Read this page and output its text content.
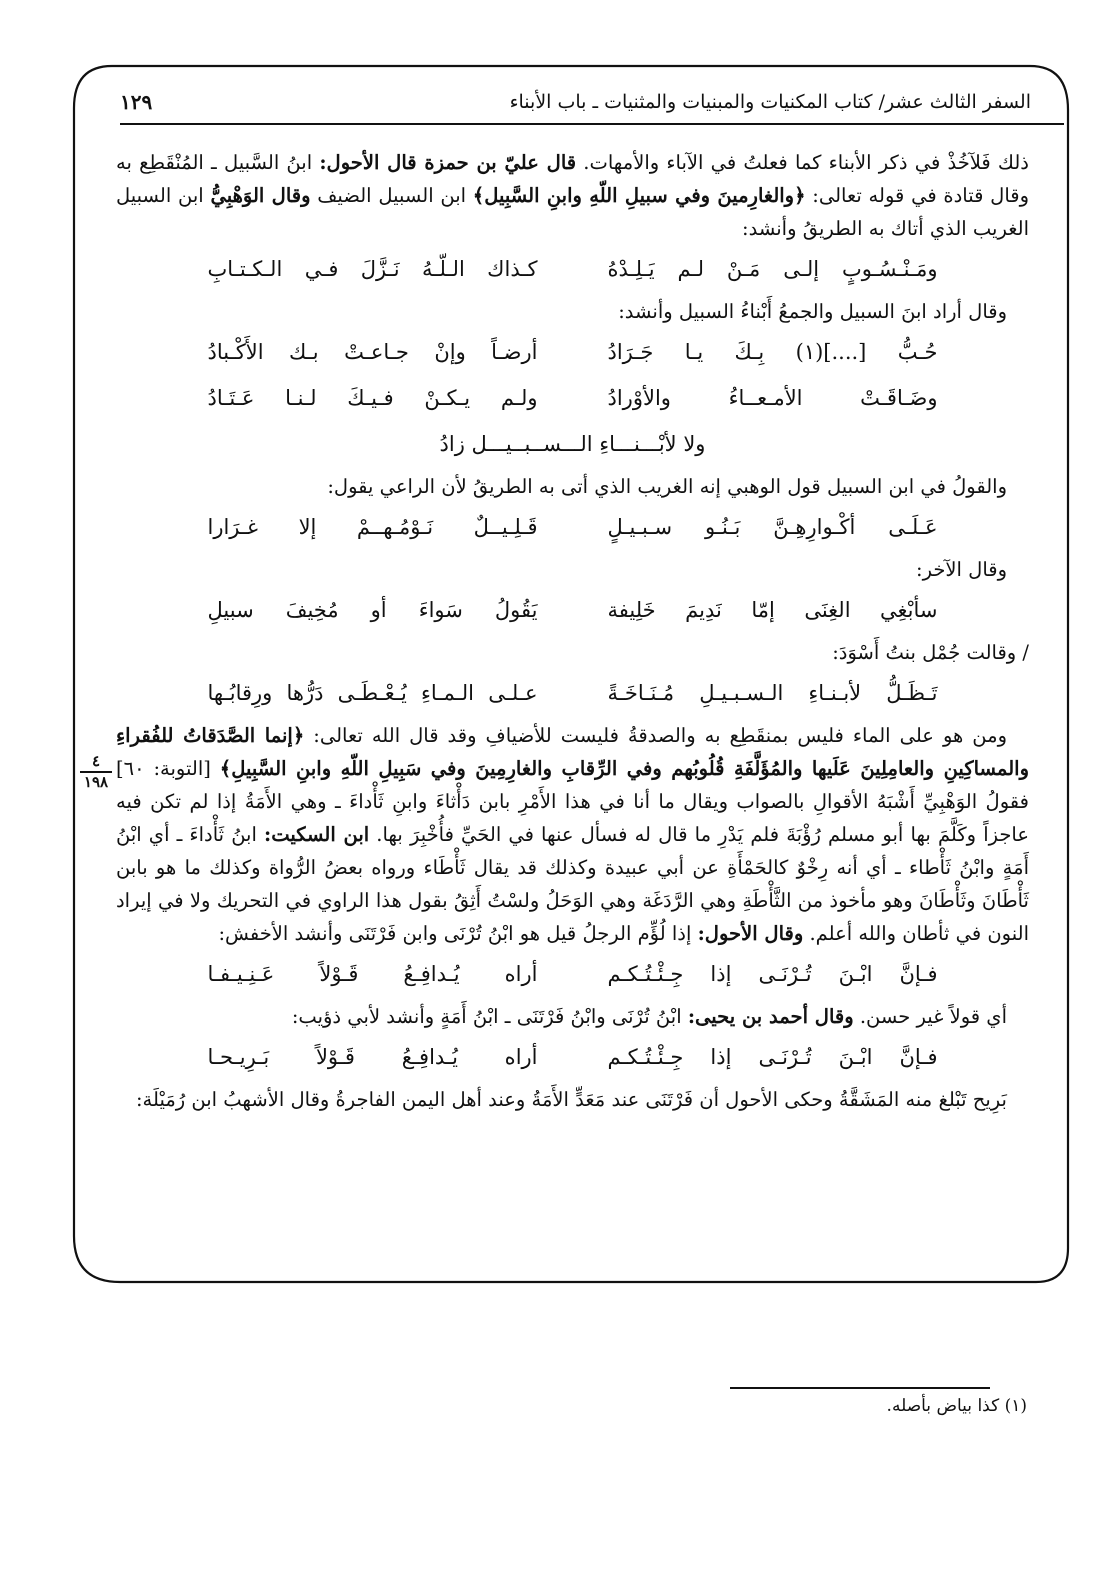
السفر الثالث عشر/ كتاب المكنيات والمبنيات والمثنيات ـ باب الأبناء
١٢٩
٤
١٩٨

ذلك فَلآخُذْ في ذكر الأبناء كما فعلتُ في الآباء والأمهات. قال عليّ بن حمزة قال الأحول: ابنُ السَّبيل ـ المُنْقَطِع به وقال قتادة في قوله تعالى: ﴿والغارِمينَ وفي سبيلِ اللّهِ وابنِ السَّبِيل﴾ ابن السبيل الضيف وقال الوَهْبِيُّ ابن السبيل الغريب الذي أتاك به الطريقُ وأنشد:

ومَـنْـسُـوبٍ إلـى مَـنْ لـم يَـلِـدْهُ
كـذاك الـلّـهُ نَـزَّلَ فـي الـكـتـابِ

وقال أراد ابنَ السبيل والجمعُ أَبْناءُ السبيل وأنشد:

حُـبُّ [....](١) بِـكَ يـا جَـرَادُ
أرضـاً وإنْ جـاعـتْ بـك الأَكْـبادُ
وضَـاقَـتْ الأمـعــاءُ والأوْرادُ
ولـم يـكـنْ فـيـكَ لـنـا عَـتَـادُ
ولا لأبْـــنـــاءِ الـــســبــيـــل زادُ

والقولُ في ابن السبيل قول الوهبي إنه الغريب الذي أتى به الطريقُ لأن الراعي يقول:

عَـلَـى أكْـوارِهِـنَّ بَـنُـو سـبـيـلٍ
قَـلِـيــلٌ نَـوْمُـهــمْ إلا غـرَارا

وقال الآخر:

سأبْغِي الغِنَى إمّا نَدِيمَ خَلِيفة
يَقُولُ سَواءَ أو مُخِيفَ سبيلِ

/ وقالت جُمْل بنتُ أَسْوَدَ:

تَـظَـلُّ لأبـنـاءِ الـسـبـيـلِ مُـنَـاخَـةً
عـلـى الـمـاءِ يُـعْـطَـى دَرُّها ورِقابُـها

ومن هو على الماء فليس بمنقَطِع به والصدقةُ فليست للأضيافِ وقد قال الله تعالى: ﴿إنما الصَّدَقاتُ للفُقراءِ والمساكِينِ والعامِلِينَ عَلَيها والمُؤَلَّفَةِ قُلُوبُهم وفي الرِّقابِ والغارِمِينَ وفي سَبِيلِ اللّهِ وابنِ السَّبِيلِ﴾ [التوبة: ٦٠] فقولُ الوَهْبِيِّ أَشْبَهُ الأقوالِ بالصواب ويقال ما أنا في هذا الأَمْرِ بابن دَأْثاءَ وابنِ ثَأْداءَ ـ وهي الأَمَةُ إذا لم تكن فيه عاجزاً وكَلَّمَ بها أبو مسلم رُؤْبَةَ فلم يَدْرِ ما قال له فسأل عنها في الحَيِّ فأُخْبِرَ بها. ابن السكيت: ابنُ ثَأْداءَ ـ أي ابْنُ أَمَةٍ وابْنُ ثَأْطاء ـ أي أنه رِخْوٌ كالحَمْأَةِ عن أبي عبيدة وكذلك قد يقال ثَأْطَاء ورواه بعضُ الرُّواة وكذلك ما هو بابن ثَأْطَانَ وثَأْطَانَ وهو مأخوذ من الثَّأْطَةِ وهي الرَّدَغَة وهي الوَحَلُ ولسْتُ أَثِقُ بقول هذا الراوي في التحريك ولا في إيراد النون في ثأطان والله أعلم. وقال الأحول: إذا لُؤِّم الرجلُ قيل هو ابْنُ تُرْنَى وابن فَرْتَنَى وأنشد الأخفش:

فـإنَّ ابْـنَ تُـرْنَـى إذا جِـئْـتُـكـم
أراه يُـدافِـعُ قَـوْلاً عَـنِـيـفـا

أي قولاً غير حسن. وقال أحمد بن يحيى: ابْنُ تُرْنَى وابْنُ فَرْتَنَى ـ ابْنُ أَمَةٍ وأنشد لأبي ذؤيب:

فـإنَّ ابْـنَ تُـرْنَـى إذا جِـئْـتُـكـم
أراه يُـدافِـعُ قَـوْلاً بَـرِيـحـا

بَرِيح تَبْلغ منه المَشَقَّةُ وحكى الأحول أن فَرْتَنَى عند مَعَدٍّ الأَمَةُ وعند أهل اليمن الفاجرةُ وقال الأشهبُ ابن رُمَيْلَة:

(١) كذا بياض بأصله.
